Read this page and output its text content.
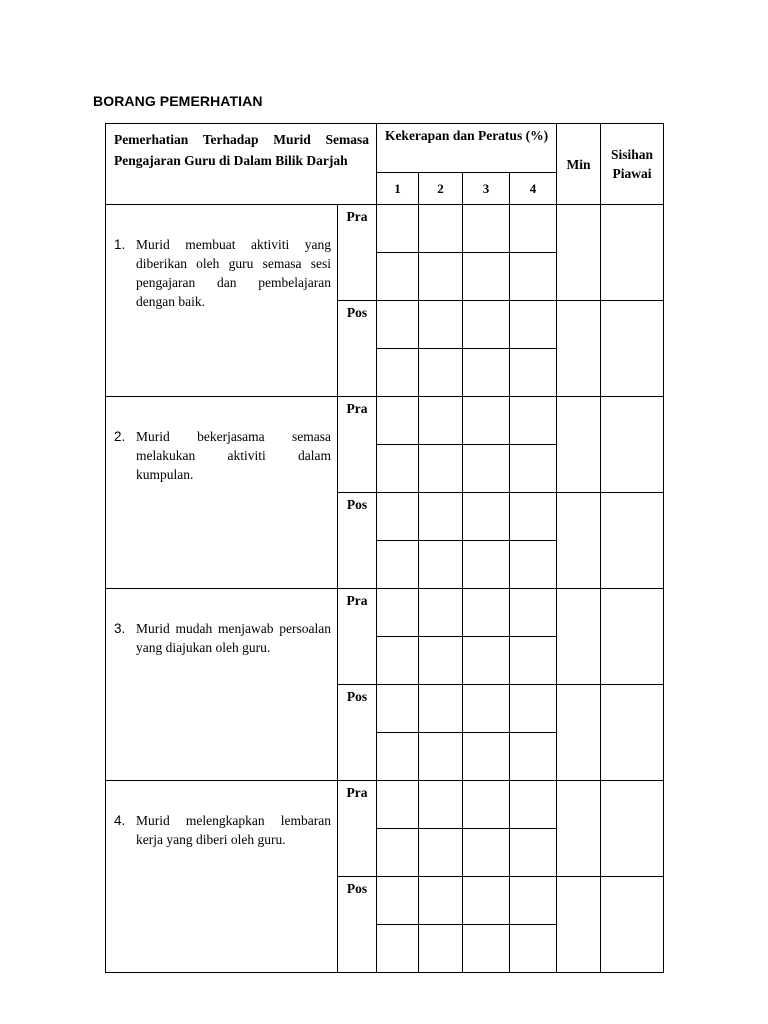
BORANG PEMERHATIAN
Pemerhatian Terhadap Murid Semasa Pengajaran Guru di Dalam Bilik Darjah		Kekerapan dan Peratus (%)				Min	Sisihan Piawai
		1	2	3	4		

1. Murid membuat aktiviti yang diberikan oleh guru semasa sesi pengajaran dan pembelajaran dengan baik.	Pra						

	Pos						

2. Murid bekerjasama semasa melakukan aktiviti dalam kumpulan.	Pra						

	Pos						

3. Murid mudah menjawab persoalan yang diajukan oleh guru.	Pra						

	Pos						

4. Murid melengkapkan lembaran kerja yang diberi oleh guru.	Pra						

	Pos						
